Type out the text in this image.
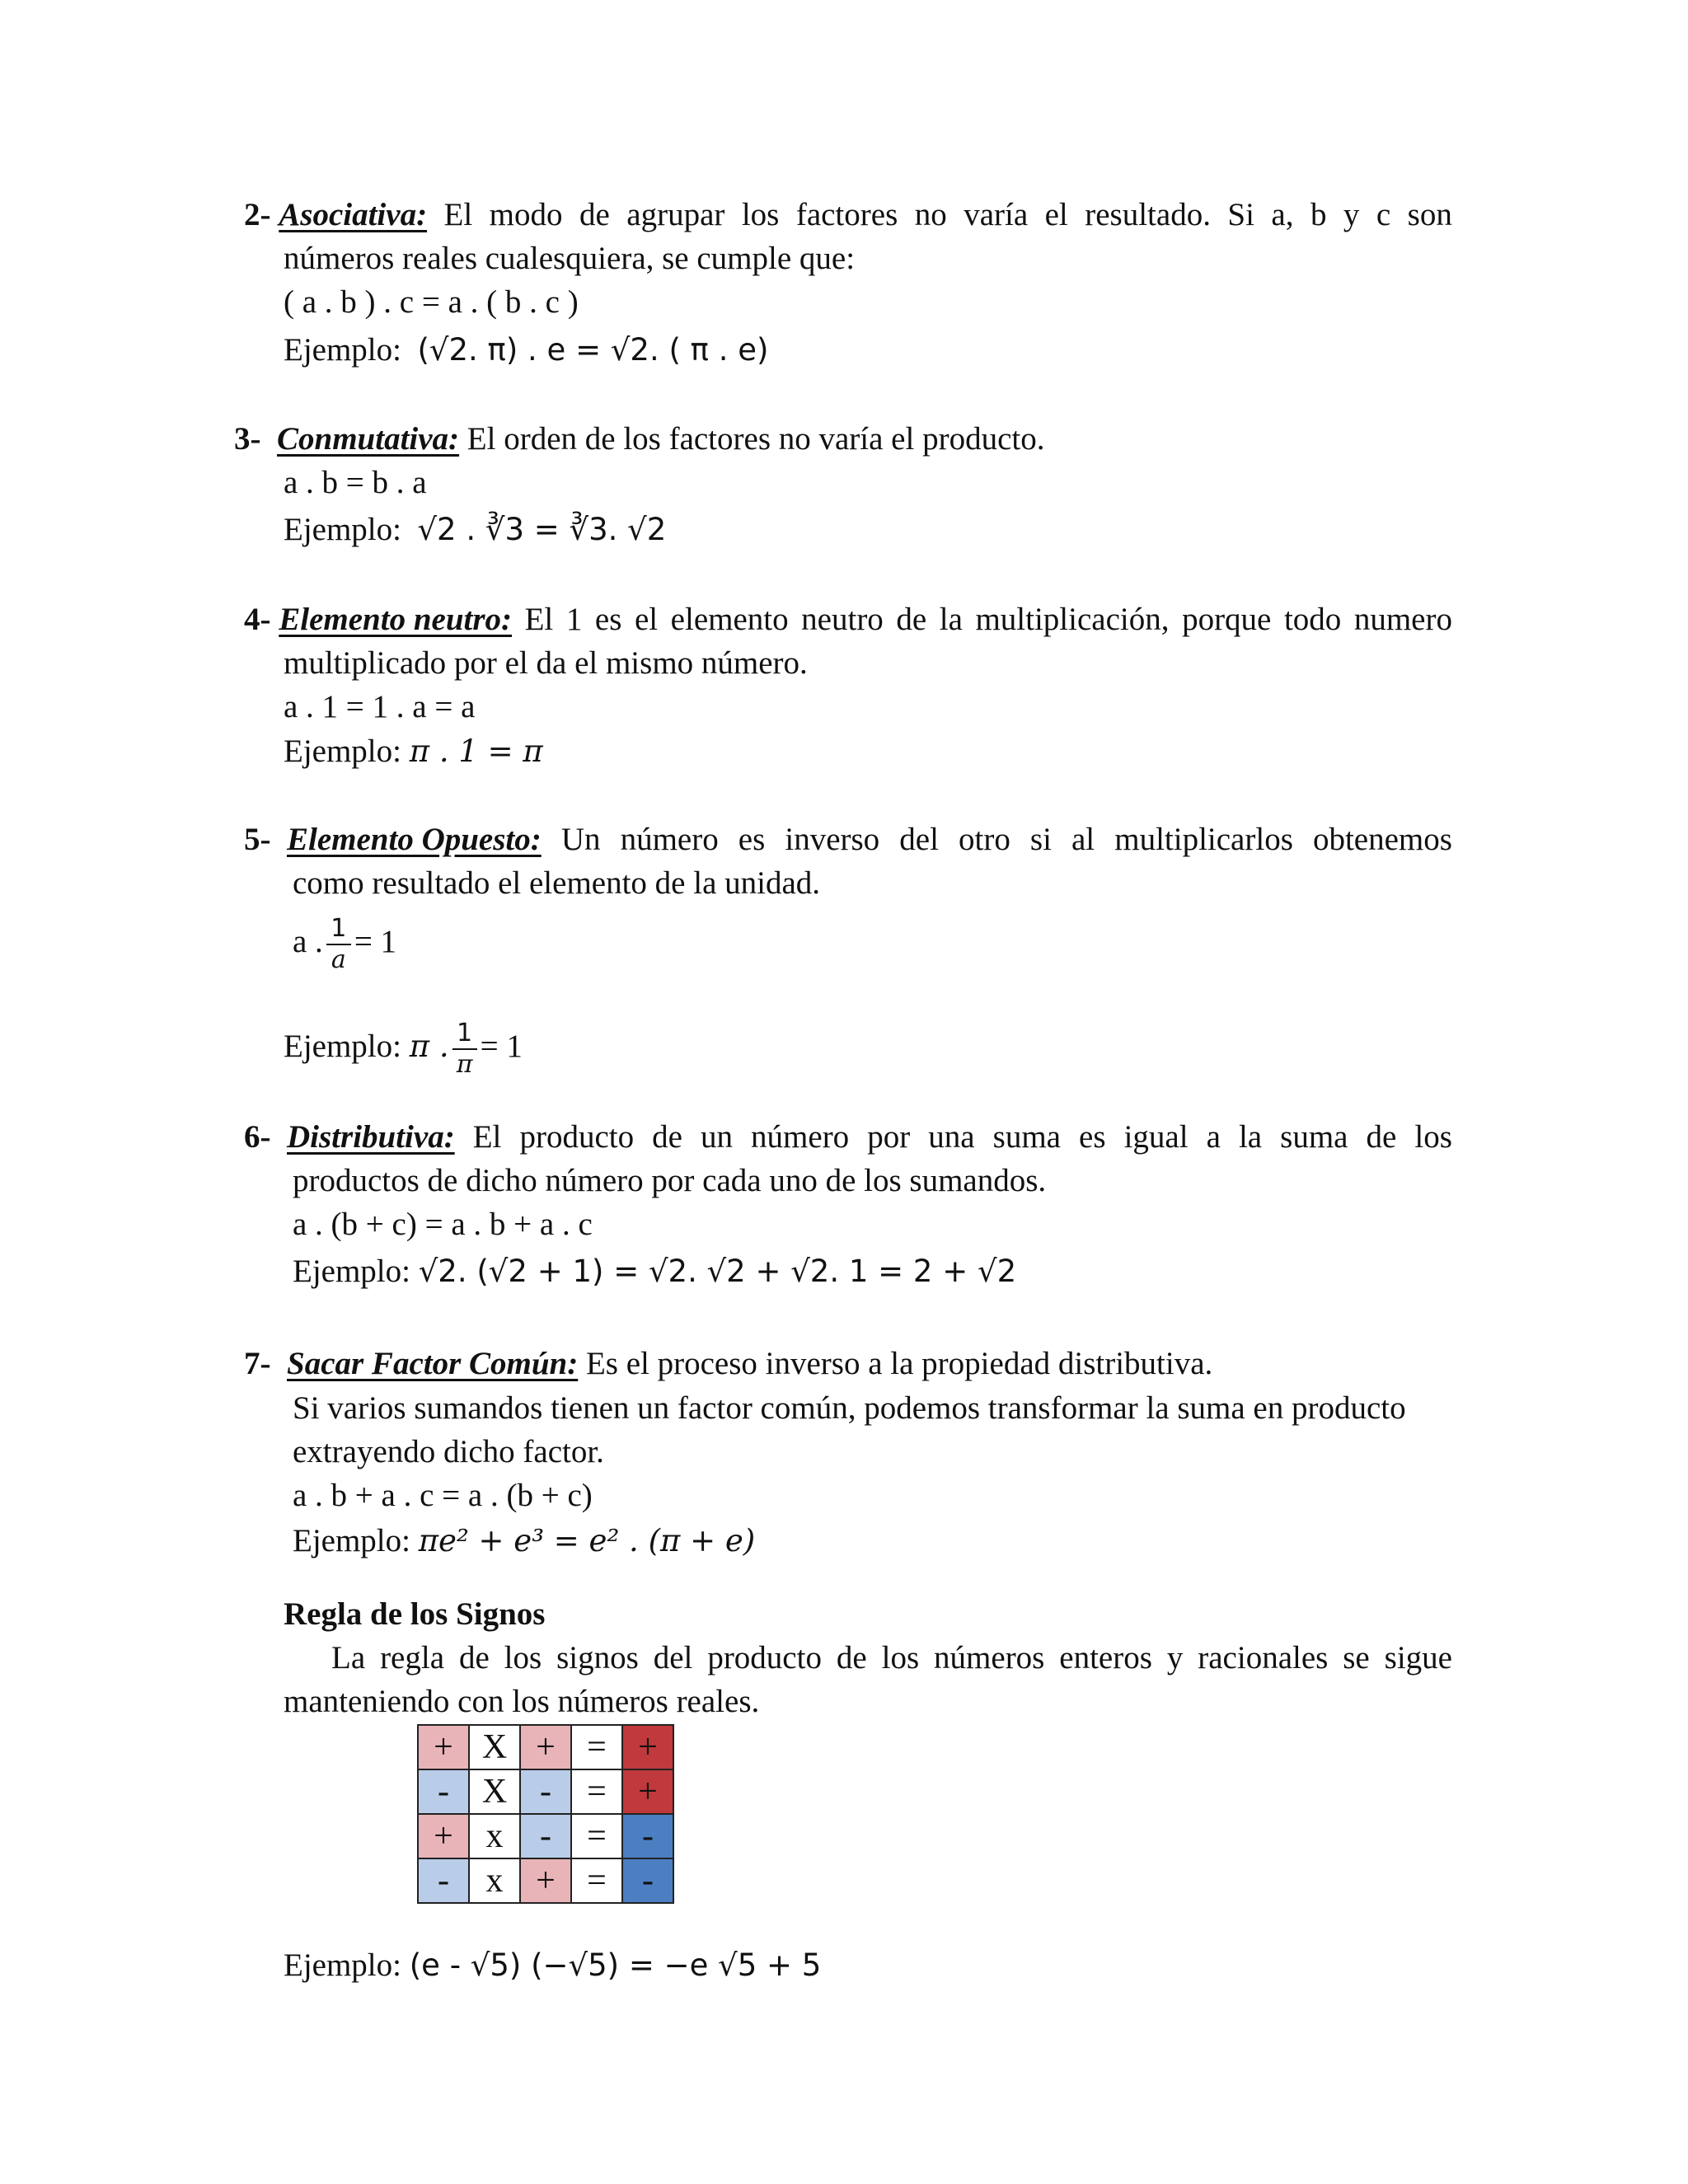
2- Asociativa: El modo de agrupar los factores no varía el resultado. Si a, b y c son
números reales cualesquiera, se cumple que:
( a . b ) . c = a . ( b . c )
Ejemplo: (√2. π) . e = √2. ( π . e)
3- Conmutativa: El orden de los factores no varía el producto.
a . b = b . a
Ejemplo: √2 . ∛3 = ∛3. √2
4- Elemento neutro: El 1 es el elemento neutro de la multiplicación, porque todo numero
multiplicado por el da el mismo número.
a . 1 = 1 . a = a
Ejemplo: π . 1 = π
5- Elemento Opuesto: Un número es inverso del otro si al multiplicarlos obtenemos
como resultado el elemento de la unidad.
a . $\frac{1}{a} = 1$
Ejemplo: π . $\frac{1}{\pi} = 1$
6- Distributiva: El producto de un número por una suma es igual a la suma de los
productos de dicho número por cada uno de los sumandos.
a . (b + c) = a . b + a . c
Ejemplo: √2. (√2 + 1) = √2. √2 + √2. 1 = 2 + √2
7- Sacar Factor Común: Es el proceso inverso a la propiedad distributiva.
Si varios sumandos tienen un factor común, podemos transformar la suma en producto
extrayendo dicho factor.
a . b + a . c = a . (b + c)
Ejemplo: πe² + e³ = e² . (π + e)
Regla de los Signos
La regla de los signos del producto de los números enteros y racionales se sigue
manteniendo con los números reales.
+	X	+	=	+
-	X	-	=	+
+	x	-	=	-
-	x	+	=	-
Ejemplo: (e - √5) (−√5) = −e √5 + 5
